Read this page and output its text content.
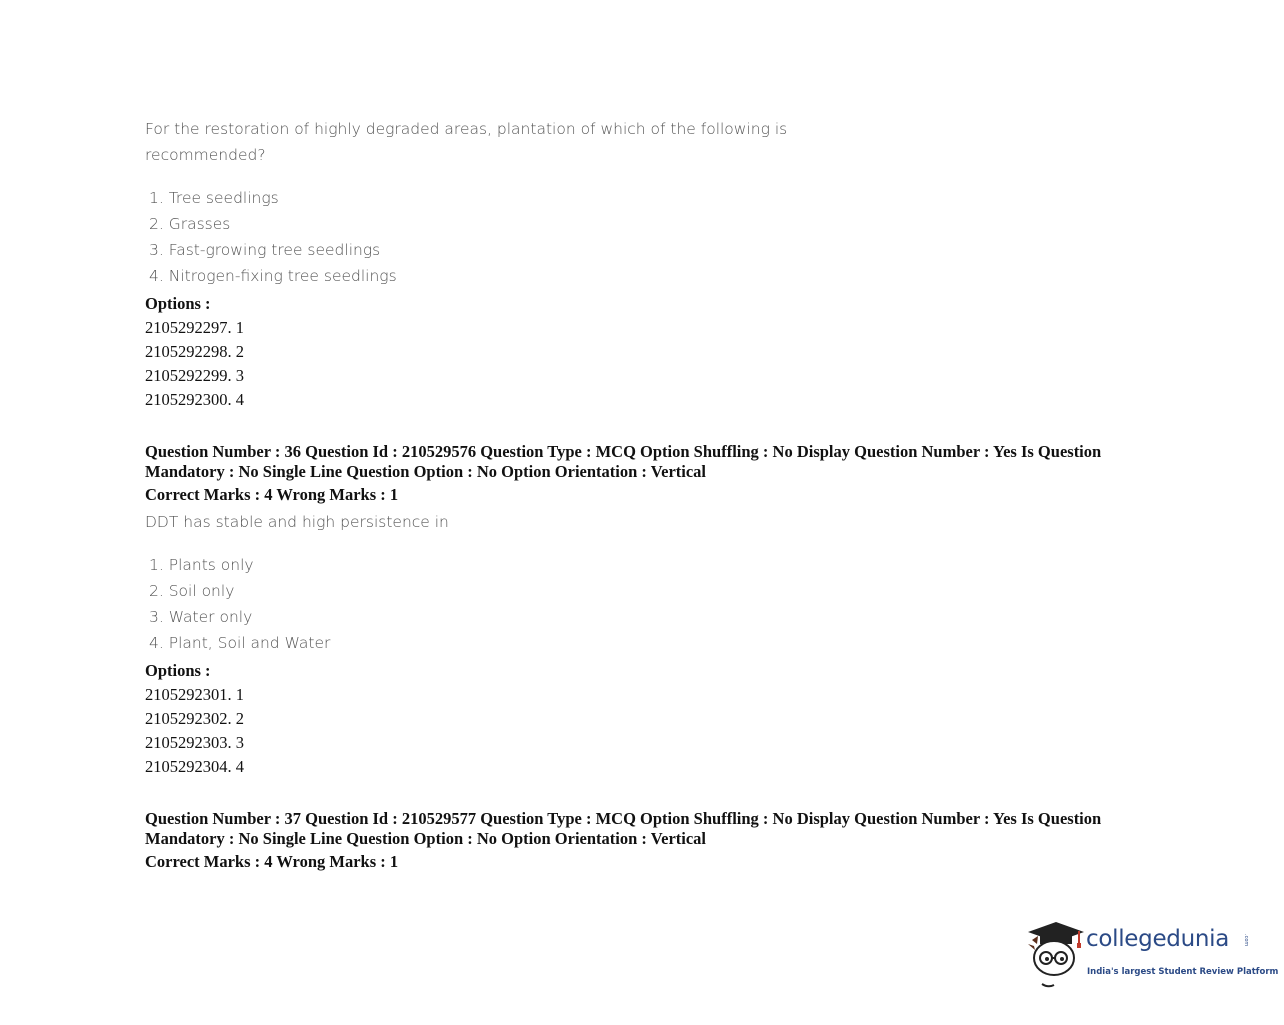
For the restoration of highly degraded areas, plantation of which of the following is recommended?
1. Tree seedlings
2. Grasses
3. Fast-growing tree seedlings
4. Nitrogen-fixing tree seedlings
Options :
2105292297. 1
2105292298. 2
2105292299. 3
2105292300. 4
Question Number : 36 Question Id : 210529576 Question Type : MCQ Option Shuffling : No Display Question Number : Yes Is Question Mandatory : No Single Line Question Option : No Option Orientation : Vertical
Correct Marks : 4 Wrong Marks : 1
DDT has stable and high persistence in
1. Plants only
2. Soil only
3. Water only
4. Plant, Soil and Water
Options :
2105292301. 1
2105292302. 2
2105292303. 3
2105292304. 4
Question Number : 37 Question Id : 210529577 Question Type : MCQ Option Shuffling : No Display Question Number : Yes Is Question Mandatory : No Single Line Question Option : No Option Orientation : Vertical
Correct Marks : 4 Wrong Marks : 1
collegedunia	.com
India's largest Student Review Platform
